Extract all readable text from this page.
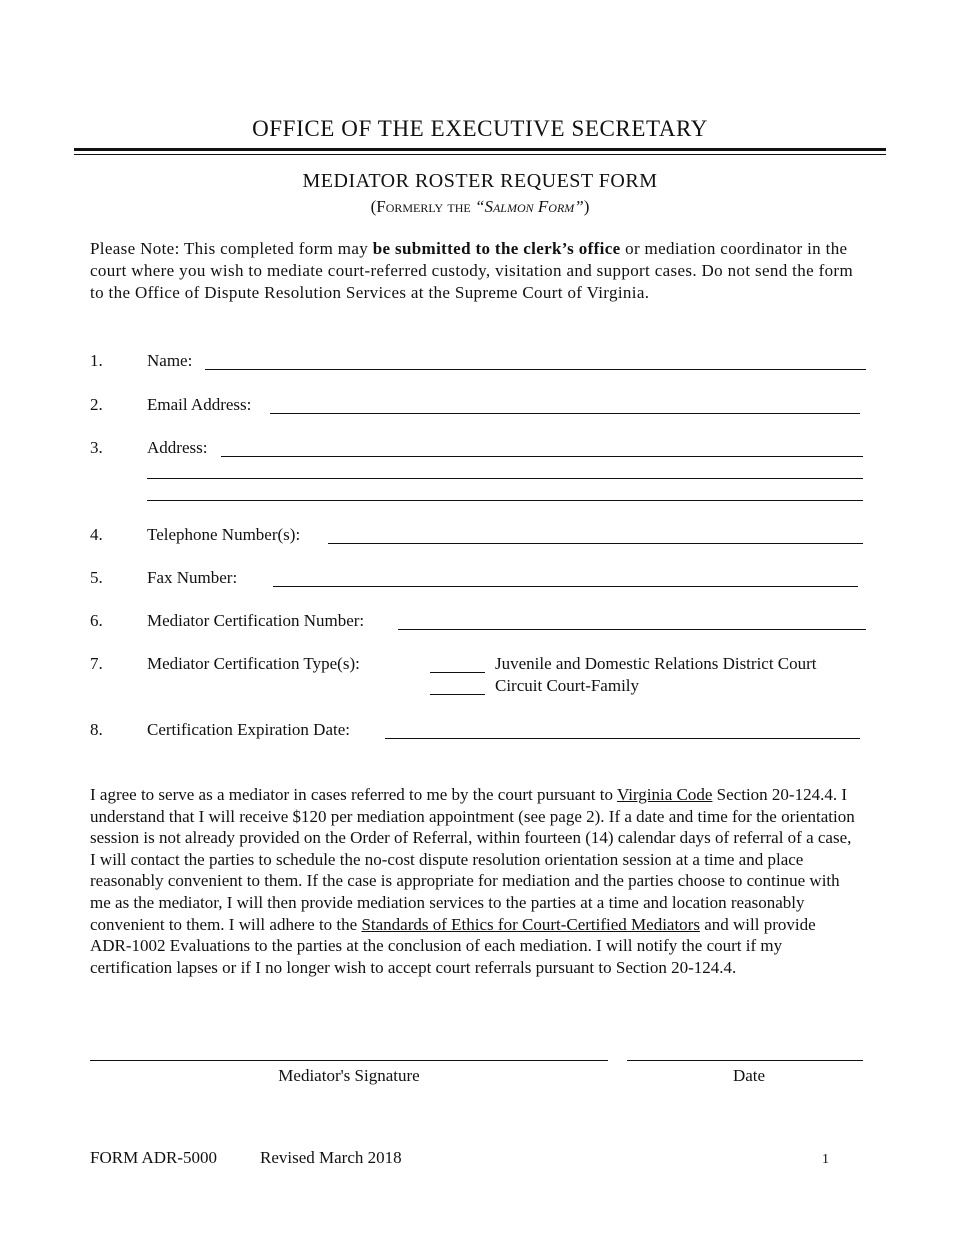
OFFICE OF THE EXECUTIVE SECRETARY
MEDIATOR ROSTER REQUEST FORM
(Formerly the “Salmon Form”)

Please Note: This completed form may be submitted to the clerk’s office or mediation coordinator in the court where you wish to mediate court-referred custody, visitation and support cases. Do not send the form to the Office of Dispute Resolution Services at the Supreme Court of Virginia.

1.	Name:
2.	Email Address:
3.	Address:
4.	Telephone Number(s):
5.	Fax Number:
6.	Mediator Certification Number:
7.	Mediator Certification Type(s):	Juvenile and Domestic Relations District Court
Circuit Court-Family
8.	Certification Expiration Date:

I agree to serve as a mediator in cases referred to me by the court pursuant to Virginia Code Section 20-124.4. I understand that I will receive $120 per mediation appointment (see page 2). If a date and time for the orientation session is not already provided on the Order of Referral, within fourteen (14) calendar days of referral of a case, I will contact the parties to schedule the no-cost dispute resolution orientation session at a time and place reasonably convenient to them. If the case is appropriate for mediation and the parties choose to continue with me as the mediator, I will then provide mediation services to the parties at a time and location reasonably convenient to them. I will adhere to the Standards of Ethics for Court-Certified Mediators and will provide ADR-1002 Evaluations to the parties at the conclusion of each mediation. I will notify the court if my certification lapses or if I no longer wish to accept court referrals pursuant to Section 20-124.4.

Mediator's Signature	Date
FORM ADR-5000	Revised March 2018	1
